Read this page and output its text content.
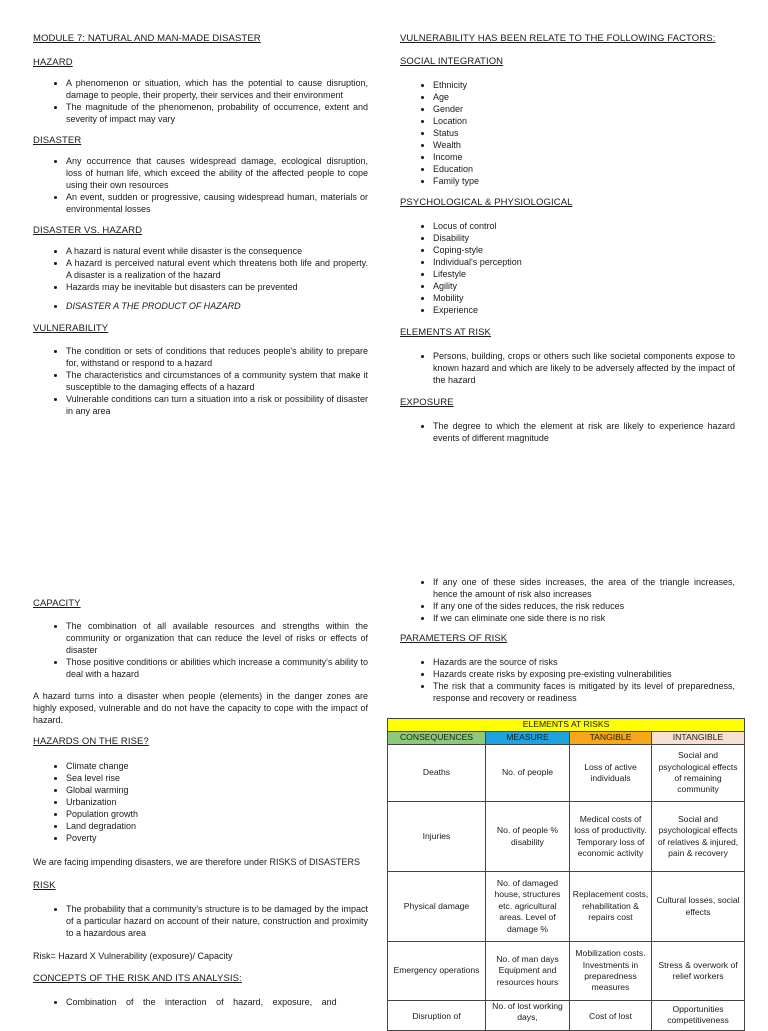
MODULE 7: NATURAL AND MAN-MADE DISASTER

HAZARD

• A phenomenon or situation, which has the potential to cause disruption, damage to people, their property, their services and their environment
• The magnitude of the phenomenon, probability of occurrence, extent and severity of impact may vary

DISASTER

• Any occurrence that causes widespread damage, ecological disruption, loss of human life, which exceed the ability of the affected people to cope using their own resources
• An event, sudden or progressive, causing widespread human, materials or environmental losses

DISASTER VS. HAZARD

• A hazard is natural event while disaster is the consequence
• A hazard is perceived natural event which threatens both life and property. A disaster is a realization of the hazard
• Hazards may be inevitable but disasters can be prevented
• DISASTER A THE PRODUCT OF HAZARD

VULNERABILITY

• The condition or sets of conditions that reduces people's ability to prepare for, withstand or respond to a hazard
• The characteristics and circumstances of a community system that make it susceptible to the damaging effects of a hazard
• Vulnerable conditions can turn a situation into a risk or possibility of disaster in any area

VULNERABILITY HAS BEEN RELATE TO THE FOLLOWING FACTORS:

SOCIAL INTEGRATION

• Ethnicity
• Age
• Gender
• Location
• Status
• Wealth
• Income
• Education
• Family type

PSYCHOLOGICAL & PHYSIOLOGICAL

• Locus of control
• Disability
• Coping-style
• Individual's perception
• Lifestyle
• Agility
• Mobility
• Experience

ELEMENTS AT RISK

• Persons, building, crops or others such like societal components expose to known hazard and which are likely to be adversely affected by the impact of the hazard

EXPOSURE

• The degree to which the element at risk are likely to experience hazard events of different magnitude

CAPACITY

• The combination of all available resources and strengths within the community or organization that can reduce the level of risks or effects of disaster
• Those positive conditions or abilities which increase a community's ability to deal with a hazard

A hazard turns into a disaster when people (elements) in the danger zones are highly exposed, vulnerable and do not have the capacity to cope with the impact of hazard.

HAZARDS ON THE RISE?

• Climate change
• Sea level rise
• Global warming
• Urbanization
• Population growth
• Land degradation
• Poverty

We are facing impending disasters, we are therefore under RISKS of DISASTERS

RISK

• The probability that a community's structure is to be damaged by the impact of a particular hazard on account of their nature, construction and proximity to a hazardous area

Risk= Hazard X Vulnerability (exposure)/ Capacity

CONCEPTS OF THE RISK AND ITS ANALYSIS:

• Combination of the interaction of hazard, exposure, and
• If any one of these sides increases, the area of the triangle increases, hence the amount of risk also increases
• If any one of the sides reduces, the risk reduces
• If we can eliminate one side there is no risk

PARAMETERS OF RISK

• Hazards are the source of risks
• Hazards create risks by exposing pre-existing vulnerabilities
• The risk that a community faces is mitigated by its level of preparedness, response and recovery or readiness
ELEMENTS AT RISKS			
CONSEQUENCES	MEASURE	TANGIBLE	INTANGIBLE
Deaths	No. of people	Loss of active individuals	Social and psychological effects of remaining community
Injuries	No. of people % disability	Medical costs of loss of productivity. Temporary loss of economic activity	Social and psychological effects of relatives & injured, pain & recovery
Physical damage	No. of damaged house, structures etc. agricultural areas. Level of damage %	Replacement costs, rehabilitation & repairs cost	Cultural losses, social effects
Emergency operations	No. of man days Equipment and resources hours	Mobilization costs. Investments in preparedness measures	Stress & overwork of relief workers
Disruption of	No. of lost working days,	Cost of lost	Opportunities competitiveness
